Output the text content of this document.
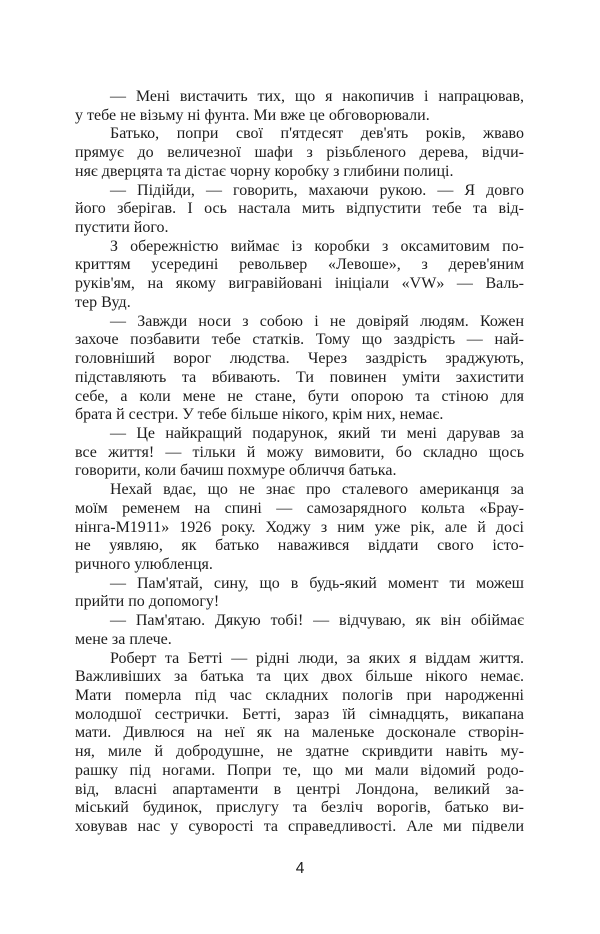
— Мені вистачить тих, що я накопичив і напрацював,
у тебе не візьму ні фунта. Ми вже це обговорювали.
Батько, попри свої п'ятдесят дев'ять років, жваво
прямує до величезної шафи з різьбленого дерева, відчи-
няє дверцята та дістає чорну коробку з глибини полиці.
— Підійди, — говорить, махаючи рукою. — Я довго
його зберігав. І ось настала мить відпустити тебе та від-
пустити його.
З обережністю виймає із коробки з оксамитовим по-
криттям усередині револьвер «Левоше», з дерев'яним
руків'ям, на якому вигравійовані ініціали «VW» — Валь-
тер Вуд.
— Завжди носи з собою і не довіряй людям. Кожен
захоче позбавити тебе статків. Тому що заздрість — най-
головніший ворог людства. Через заздрість зраджують,
підставляють та вбивають. Ти повинен уміти захистити
себе, а коли мене не стане, бути опорою та стіною для
брата й сестри. У тебе більше нікого, крім них, немає.
— Це найкращий подарунок, який ти мені дарував за
все життя! — тільки й можу вимовити, бо складно щось
говорити, коли бачиш похмуре обличчя батька.
Нехай вдає, що не знає про сталевого американця за
моїм ременем на спині — самозарядного кольта «Брау-
нінга-M1911» 1926 року. Ходжу з ним уже рік, але й досі
не уявляю, як батько наважився віддати свого істо-
ричного улюбленця.
— Пам'ятай, сину, що в будь-який момент ти можеш
прийти по допомогу!
— Пам'ятаю. Дякую тобі! — відчуваю, як він обіймає
мене за плече.
Роберт та Бетті — рідні люди, за яких я віддам життя.
Важливіших за батька та цих двох більше нікого немає.
Мати померла під час складних пологів при народженні
молодшої сестрички. Бетті, зараз їй сімнадцять, викапана
мати. Дивлюся на неї як на маленьке досконале створін-
ня, миле й добродушне, не здатне скривдити навіть му-
рашку під ногами. Попри те, що ми мали відомий родо-
від, власні апартаменти в центрі Лондона, великий за-
міський будинок, прислугу та безліч ворогів, батько ви-
ховував нас у суворості та справедливості. Але ми підвели
4
